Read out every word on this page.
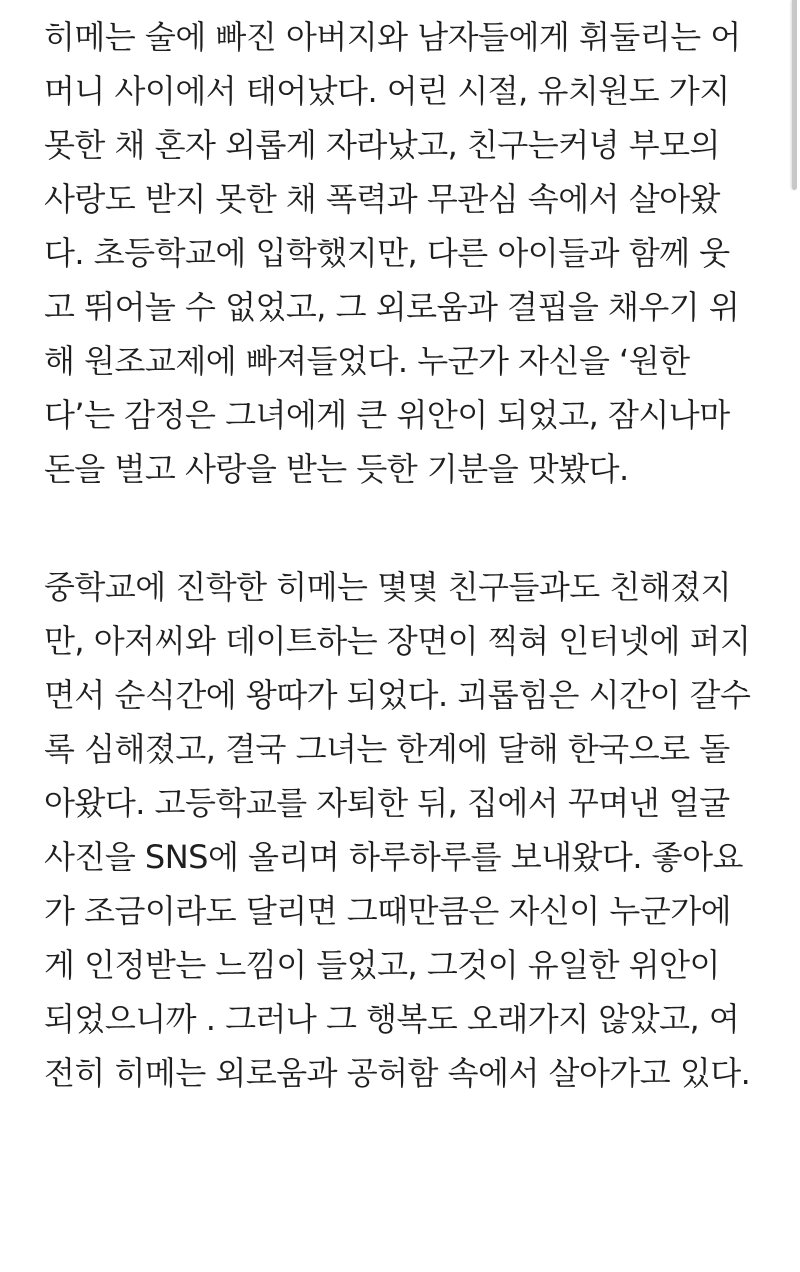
히메는 술에 빠진 아버지와 남자들에게 휘둘리는 어
머니 사이에서 태어났다. 어린 시절, 유치원도 가지
못한 채 혼자 외롭게 자라났고, 친구는커녕 부모의
사랑도 받지 못한 채 폭력과 무관심 속에서 살아왔
다. 초등학교에 입학했지만, 다른 아이들과 함께 웃
고 뛰어놀 수 없었고, 그 외로움과 결핍을 채우기 위
해 원조교제에 빠져들었다. 누군가 자신을 ‘원한
다’는 감정은 그녀에게 큰 위안이 되었고, 잠시나마
돈을 벌고 사랑을 받는 듯한 기분을 맛봤다.
중학교에 진학한 히메는 몇몇 친구들과도 친해졌지
만, 아저씨와 데이트하는 장면이 찍혀 인터넷에 퍼지
면서 순식간에 왕따가 되었다. 괴롭힘은 시간이 갈수
록 심해졌고, 결국 그녀는 한계에 달해 한국으로 돌
아왔다. 고등학교를 자퇴한 뒤, 집에서 꾸며낸 얼굴
사진을 SNS에 올리며 하루하루를 보내왔다. 좋아요
가 조금이라도 달리면 그때만큼은 자신이 누군가에
게 인정받는 느낌이 들었고, 그것이 유일한 위안이
되었으니까 . 그러나 그 행복도 오래가지 않았고, 여
전히 히메는 외로움과 공허함 속에서 살아가고 있다.
